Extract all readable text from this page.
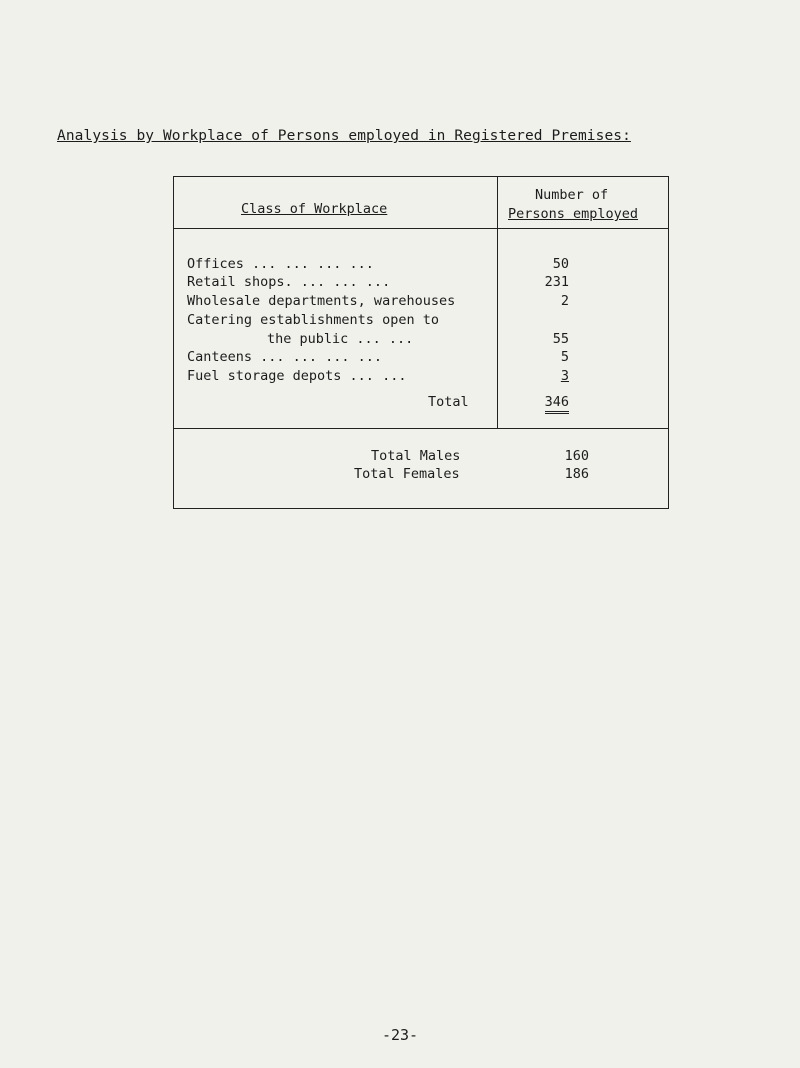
Analysis by Workplace of Persons employed in Registered Premises:
Class of Workplace
Number of
Persons employed
Offices ... ... ... ...	50
Retail shops. ... ... ...	231
Wholesale departments, warehouses	2
Catering establishments open to
the public ... ...	55
Canteens ... ... ... ...	5
Fuel storage depots ... ...	3
Total	346
Total Males	160
Total Females	186
-23-
